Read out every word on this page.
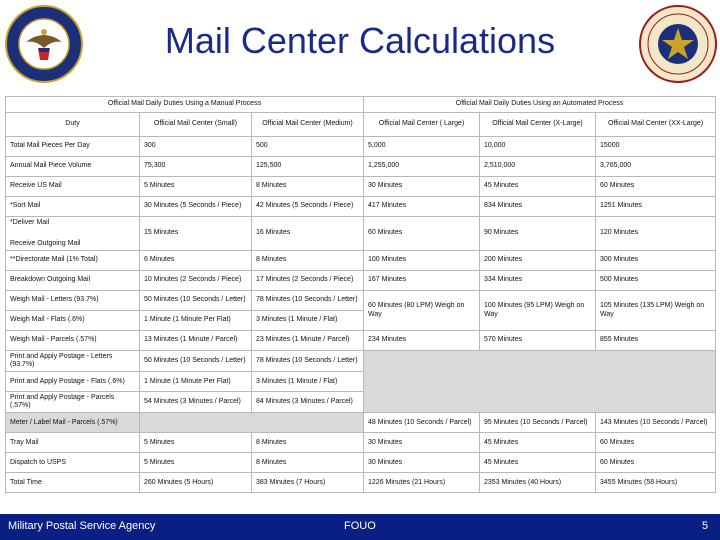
Mail Center Calculations
Official Mail Daily Duties Using a Manual Process			Official Mail Daily Duties Using an Automated Process		
Duty	Official Mail Center (Small)	Official Mail Center (Medium)	Official Mail Center ( Large)	Official Mail Center (X-Large)	Official Mail Center (XX-Large)
Total Mail Pieces Per Day	300	500	5,000	10,000	15000
Annual Mail Piece Volume	75,300	125,500	1,255,000	2,510,000	3,765,000
Receive US Mail	5 Minutes	8 Minutes	30 Minutes	45 Minutes	60 Minutes
*Sort Mail	30 Minutes (5 Seconds / Piece)	42 Minutes (5 Seconds / Piece)	417 Minutes	834 Minutes	1251 Minutes

*Deliver Mail
Receive Outgoing Mail	15 Minutes	16 Minutes	60 Minutes	90 Minutes	120 Minutes
**Directorate Mail (1% Total)	6 Minutes	8 Minutes	100 Minutes	200 Minutes	300 Minutes
Breakdown Outgoing Mail	10 Minutes (2 Seconds / Piece)	17 Minutes (2 Seconds / Piece)	167 Minutes	334 Minutes	500 Minutes
Weigh Mail - Letters (93.7%)	50 Minutes (10 Seconds / Letter)	78 Minutes (10 Seconds / Letter)	60 Minutes (80 LPM) Weigh on Way	100 Minutes (95 LPM) Weigh on Way	105 Minutes (135 LPM) Weigh on Way
Weigh Mail - Flats (.6%)	1 Minute (1 Minute Per Flat)	3 Minutes (1 Minute / Flat)			
Weigh Mail - Parcels (.57%)	13 Minutes (1 Minute / Parcel)	23 Minutes (1 Minute / Parcel)	234 Minutes	570 Minutes	855 Minutes
Print and Apply Postage - Letters (93.7%)	50 Minutes (10 Seconds / Letter)	78 Minutes (10 Seconds / Letter)			
Print and Apply Postage - Flats (.6%)	1 Minute (1 Minute Per Flat)	3 Minutes (1 Minute / Flat)			
Print and Apply Postage - Parcels (.57%)	54 Minutes (3 Minutes / Parcel)	84 Minutes (3 Minutes / Parcel)			
Meter / Label Mail - Parcels (.57%)			48 Minutes (10 Seconds / Parcel)	95 Minutes (10 Seconds / Parcel)	143 Minutes (10 Seconds / Parcel)
Tray Mail	5 Minutes	8 Minutes	30 Minutes	45 Minutes	60 Minutes
Dispatch to USPS	5 Minutes	8 Minutes	30 Minutes	45 Minutes	60 Minutes
Total Time	260 Minutes (5 Hours)	383 Minutes (7 Hours)	1226 Minutes (21 Hours)	2353 Minutes (40 Hours)	3455 Minutes (58 Hours)
Military Postal Service Agency	FOUO	5
